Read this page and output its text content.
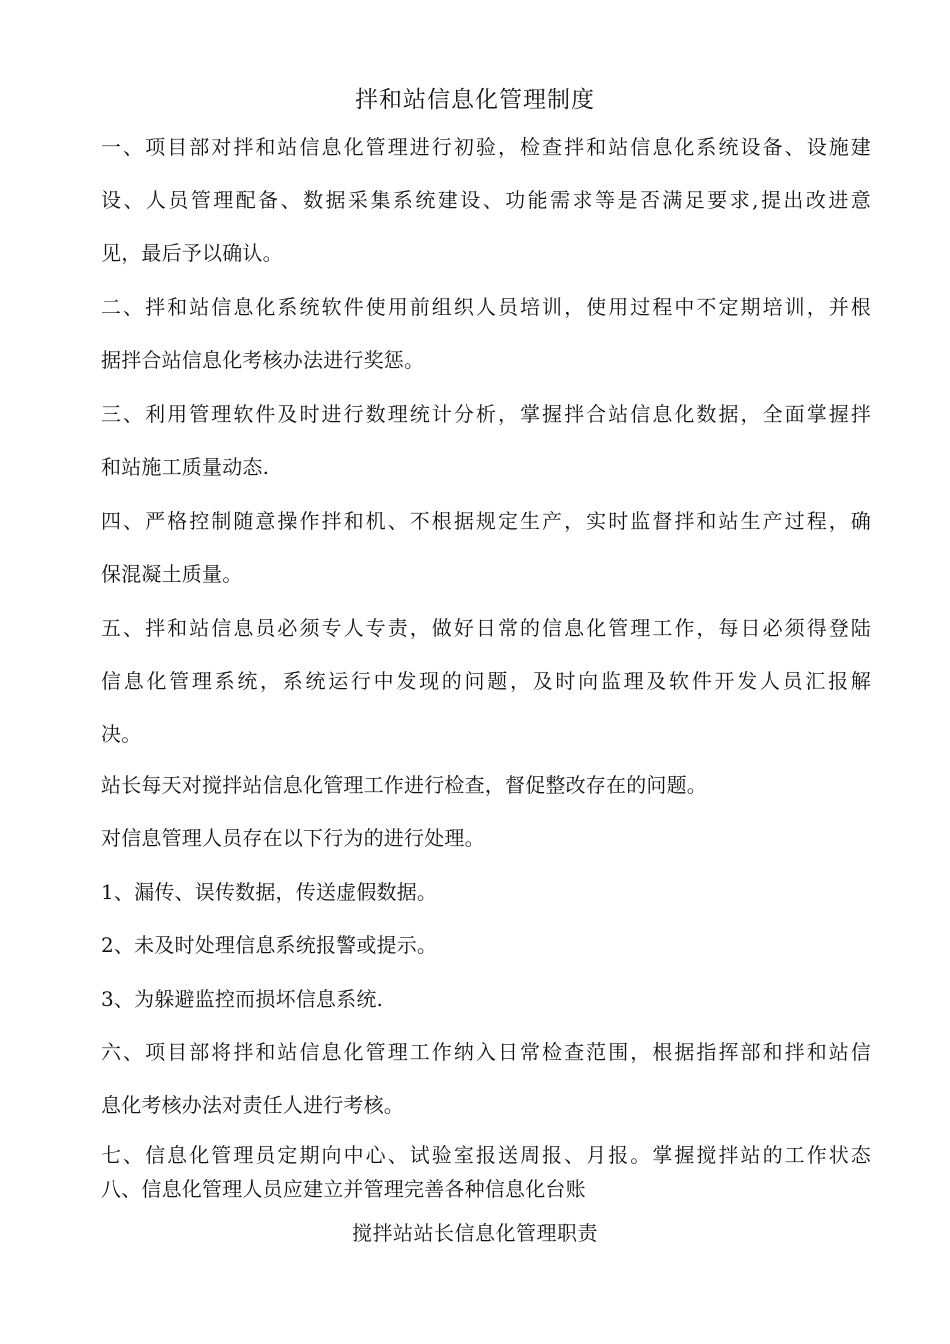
拌和站信息化管理制度
一、项目部对拌和站信息化管理进行初验，检查拌和站信息化系统设备、设施建
设、人员管理配备、数据采集系统建设、功能需求等是否满足要求,提出改进意
见，最后予以确认。
二、拌和站信息化系统软件使用前组织人员培训，使用过程中不定期培训，并根
据拌合站信息化考核办法进行奖惩。
三、利用管理软件及时进行数理统计分析，掌握拌合站信息化数据，全面掌握拌
和站施工质量动态.
四、严格控制随意操作拌和机、不根据规定生产，实时监督拌和站生产过程，确
保混凝土质量。
五、拌和站信息员必须专人专责，做好日常的信息化管理工作，每日必须得登陆
信息化管理系统，系统运行中发现的问题，及时向监理及软件开发人员汇报解
决。
站长每天对搅拌站信息化管理工作进行检查，督促整改存在的问题。
对信息管理人员存在以下行为的进行处理。
1、漏传、误传数据，传送虚假数据。
2、未及时处理信息系统报警或提示。
3、为躲避监控而损坏信息系统.
六、项目部将拌和站信息化管理工作纳入日常检查范围，根据指挥部和拌和站信
息化考核办法对责任人进行考核。
七、信息化管理员定期向中心、试验室报送周报、月报。掌握搅拌站的工作状态
八、信息化管理人员应建立并管理完善各种信息化台账
搅拌站站长信息化管理职责
